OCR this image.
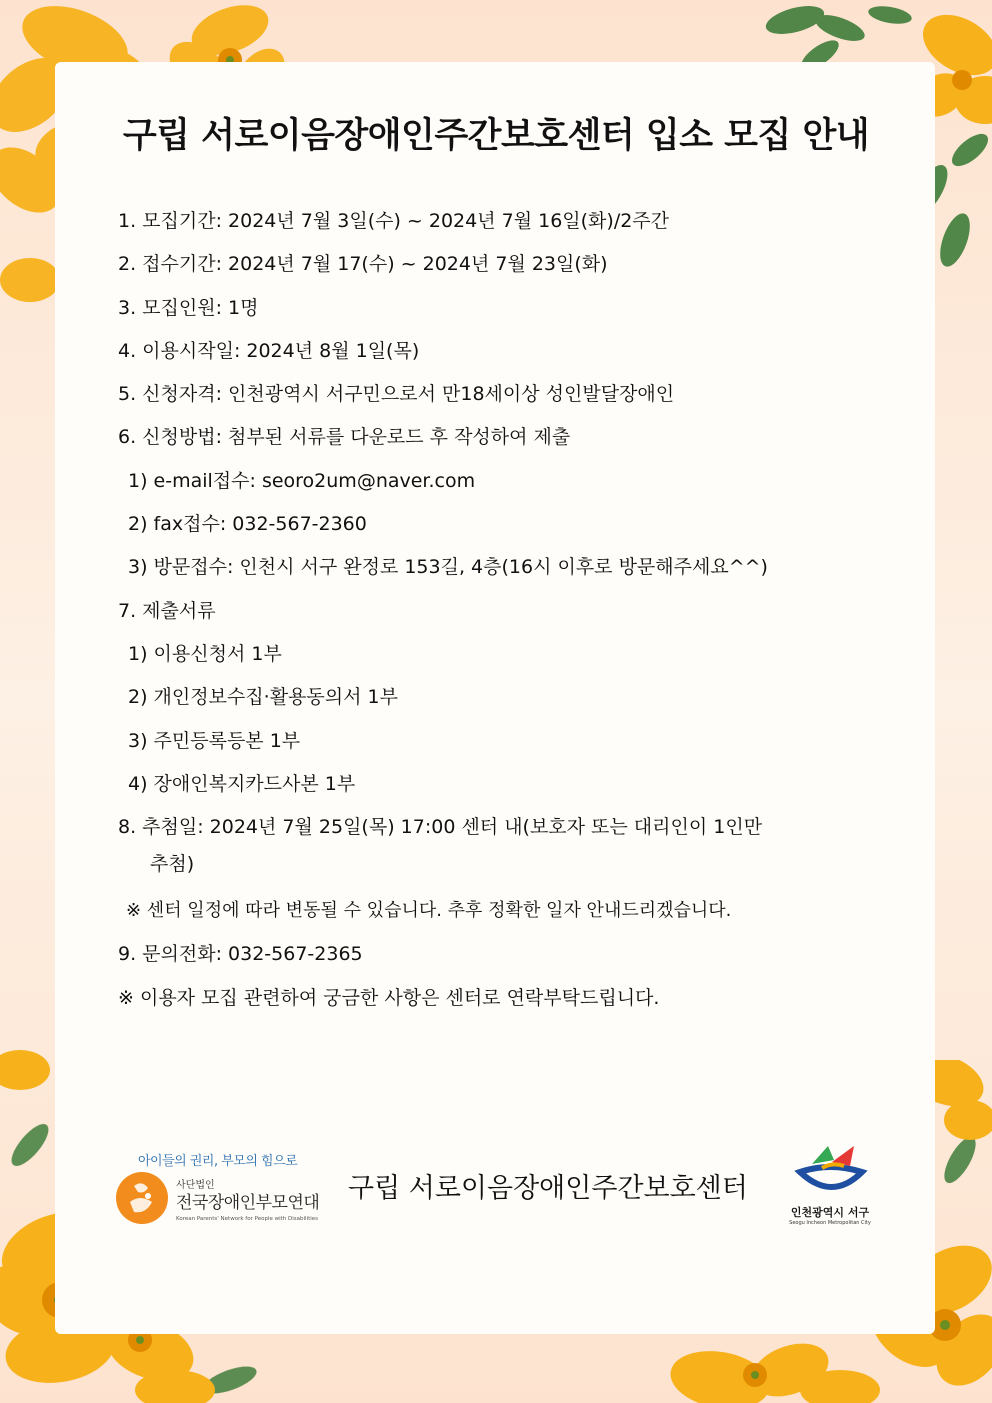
구립 서로이음장애인주간보호센터 입소 모집 안내
1. 모집기간: 2024년 7월 3일(수) ~ 2024년 7월 16일(화)/2주간
2. 접수기간: 2024년 7월 17(수) ~ 2024년 7월 23일(화)
3. 모집인원: 1명
4. 이용시작일: 2024년 8월 1일(목)
5. 신청자격: 인천광역시 서구민으로서 만18세이상 성인발달장애인
6. 신청방법: 첨부된 서류를 다운로드 후 작성하여 제출
1) e-mail접수: seoro2um@naver.com
2) fax접수: 032-567-2360
3) 방문접수: 인천시 서구 완정로 153길, 4층(16시 이후로 방문해주세요^^)
7. 제출서류
1) 이용신청서 1부
2) 개인정보수집·활용동의서 1부
3) 주민등록등본 1부
4) 장애인복지카드사본 1부
8. 추첨일: 2024년 7월 25일(목) 17:00 센터 내(보호자 또는 대리인이 1인만
추첨)
※ 센터 일정에 따라 변동될 수 있습니다. 추후 정확한 일자 안내드리겠습니다.
9. 문의전화: 032-567-2365
※ 이용자 모집 관련하여 궁금한 사항은 센터로 연락부탁드립니다.
아이들의 권리, 부모의 힘으로
사단법인
전국장애인부모연대
Korean Parents' Network for People with Disabilities
구립 서로이음장애인주간보호센터
인천광역시 서구
Seogu Incheon Metropolitan City
